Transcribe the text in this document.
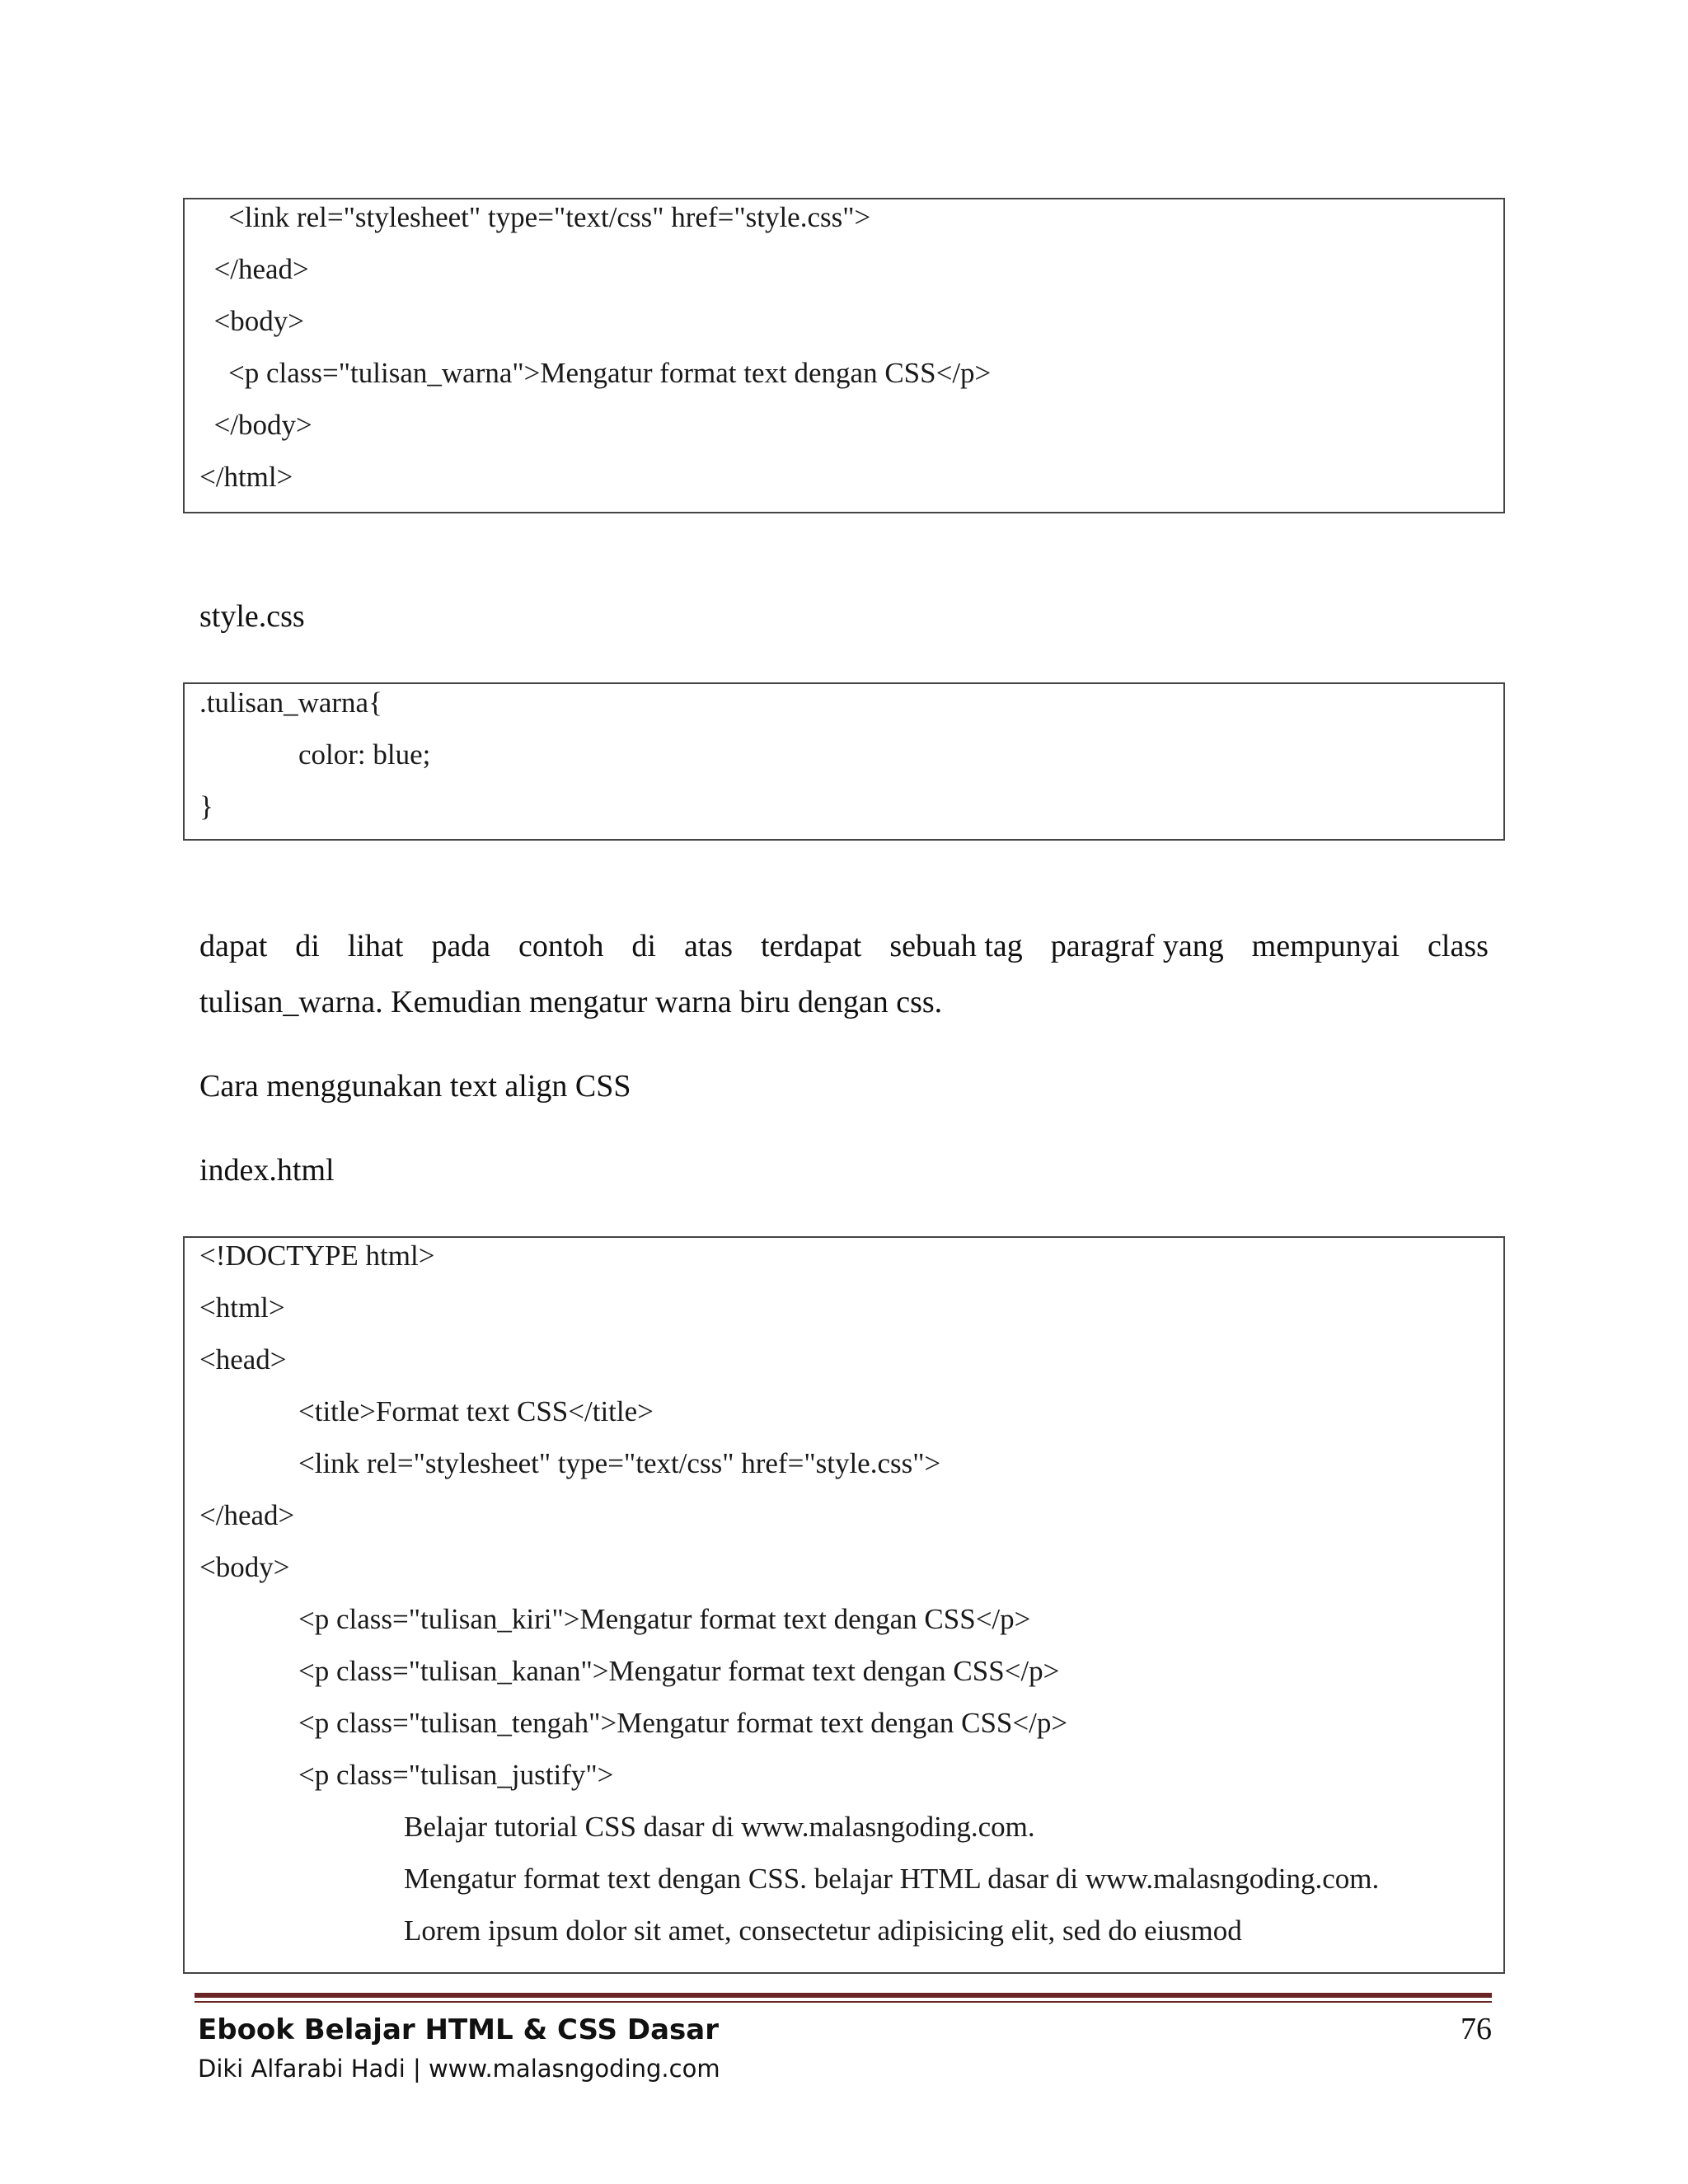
<link rel="stylesheet" type="text/css" href="style.css">
</head>
<body>
<p class="tulisan_warna">Mengatur format text dengan CSS</p>
</body>
</html>
style.css
.tulisan_warna{
color: blue;
}
dapat di lihat pada contoh di atas terdapat sebuah tag paragraf yang mempunyai class
tulisan_warna. Kemudian mengatur warna biru dengan css.
Cara menggunakan text align CSS
index.html
<!DOCTYPE html>
<html>
<head>
<title>Format text CSS</title>
<link rel="stylesheet" type="text/css" href="style.css">
</head>
<body>
<p class="tulisan_kiri">Mengatur format text dengan CSS</p>
<p class="tulisan_kanan">Mengatur format text dengan CSS</p>
<p class="tulisan_tengah">Mengatur format text dengan CSS</p>
<p class="tulisan_justify">
Belajar tutorial CSS dasar di www.malasngoding.com.
Mengatur format text dengan CSS. belajar HTML dasar di www.malasngoding.com.
Lorem ipsum dolor sit amet, consectetur adipisicing elit, sed do eiusmod
Ebook Belajar HTML & CSS Dasar
Diki Alfarabi Hadi | www.malasngoding.com
76
